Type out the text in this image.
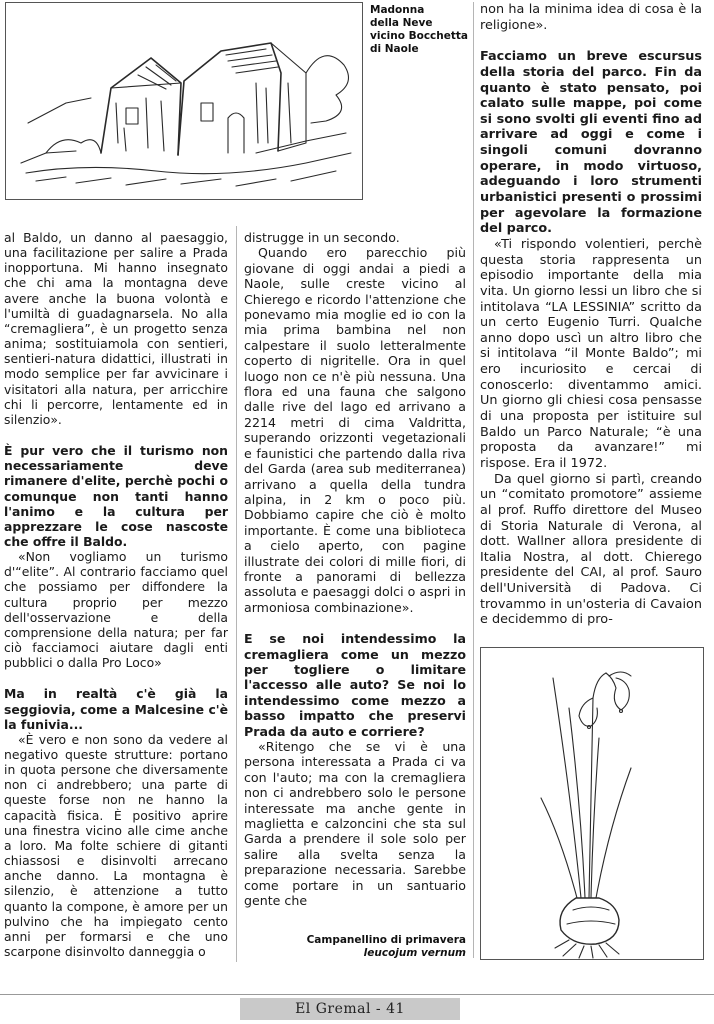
Madonna
della Neve
vicino Bocchetta
di Naole

al Baldo, un danno al paesaggio, una facilitazione per salire a Prada inopportuna. Mi hanno insegnato che chi ama la montagna deve avere anche la buona volontà e l'umiltà di guadagnarsela. No alla “cremagliera”, è un progetto senza anima; sostituiamola con sentieri, sentieri-natura didattici, illustrati in modo semplice per far avvicinare i visitatori alla natura, per arricchire chi li percorre, lentamente ed in silenzio».

È pur vero che il turismo non necessariamente deve rimanere d'elite, perchè pochi o comunque non tanti hanno l'animo e la cultura per apprezzare le cose nascoste che offre il Baldo.

«Non vogliamo un turismo d'“elite”. Al contrario facciamo quel che possiamo per diffondere la cultura proprio per mezzo dell'osservazione e della comprensione della natura; per far ciò facciamoci aiutare dagli enti pubblici o dalla Pro Loco»

Ma in realtà c'è già la seggiovia, come a Malcesine c'è la funivia...

«È vero e non sono da vedere al negativo queste strutture: portano in quota persone che diversamente non ci andrebbero; una parte di queste forse non ne hanno la capacità fisica. È positivo aprire una finestra vicino alle cime anche a loro. Ma folte schiere di gitanti chiassosi e disinvolti arrecano anche danno. La montagna è silenzio, è attenzione a tutto quanto la compone, è amore per un pulvino che ha impiegato cento anni per formarsi e che uno scarpone disinvolto danneggia o

distrugge in un secondo.

Quando ero parecchio più giovane di oggi andai a piedi a Naole, sulle creste vicino al Chierego e ricordo l'attenzione che ponevamo mia moglie ed io con la mia prima bambina nel non calpestare il suolo letteralmente coperto di nigritelle. Ora in quel luogo non ce n'è più nessuna. Una flora ed una fauna che salgono dalle rive del lago ed arrivano a 2214 metri di cima Valdritta, superando orizzonti vegetazionali e faunistici che partendo dalla riva del Garda (area sub mediterranea) arrivano a quella della tundra alpina, in 2 km o poco più. Dobbiamo capire che ciò è molto importante. È come una biblioteca a cielo aperto, con pagine illustrate dei colori di mille fiori, di fronte a panorami di bellezza assoluta e paesaggi dolci o aspri in armoniosa combinazione».

E se noi intendessimo la cremagliera come un mezzo per togliere o limitare l'accesso alle auto? Se noi lo intendessimo come mezzo a basso impatto che preservi Prada da auto e corriere?

«Ritengo che se vi è una persona interessata a Prada ci va con l'auto; ma con la cremagliera non ci andrebbero solo le persone interessate ma anche gente in maglietta e calzoncini che sta sul Garda a prendere il sole solo per salire alla svelta senza la preparazione necessaria. Sarebbe come portare in un santuario gente che

non ha la minima idea di cosa è la religione».

Facciamo un breve escursus della storia del parco. Fin da quanto è stato pensato, poi calato sulle mappe, poi come si sono svolti gli eventi fino ad arrivare ad oggi e come i singoli comuni dovranno operare, in modo virtuoso, adeguando i loro strumenti urbanistici presenti o prossimi per agevolare la formazione del parco.

«Ti rispondo volentieri, perchè questa storia rappresenta un episodio importante della mia vita. Un giorno lessi un libro che si intitolava “LA LESSINIA” scritto da un certo Eugenio Turri. Qualche anno dopo uscì un altro libro che si intitolava “il Monte Baldo”; mi ero incuriosito e cercai di conoscerlo: diventammo amici. Un giorno gli chiesi cosa pensasse di una proposta per istituire sul Baldo un Parco Naturale; “è una proposta da avanzare!” mi rispose. Era il 1972.

Da quel giorno si partì, creando un “comitato promotore” assieme al prof. Ruffo direttore del Museo di Storia Naturale di Verona, al dott. Wallner allora presidente di Italia Nostra, al dott. Chierego presidente del CAI, al prof. Sauro dell'Università di Padova. Ci trovammo in un'osteria di Cavaion e decidemmo di pro-

Campanellino di primavera
leucojum vernum
El Gremal - 41
